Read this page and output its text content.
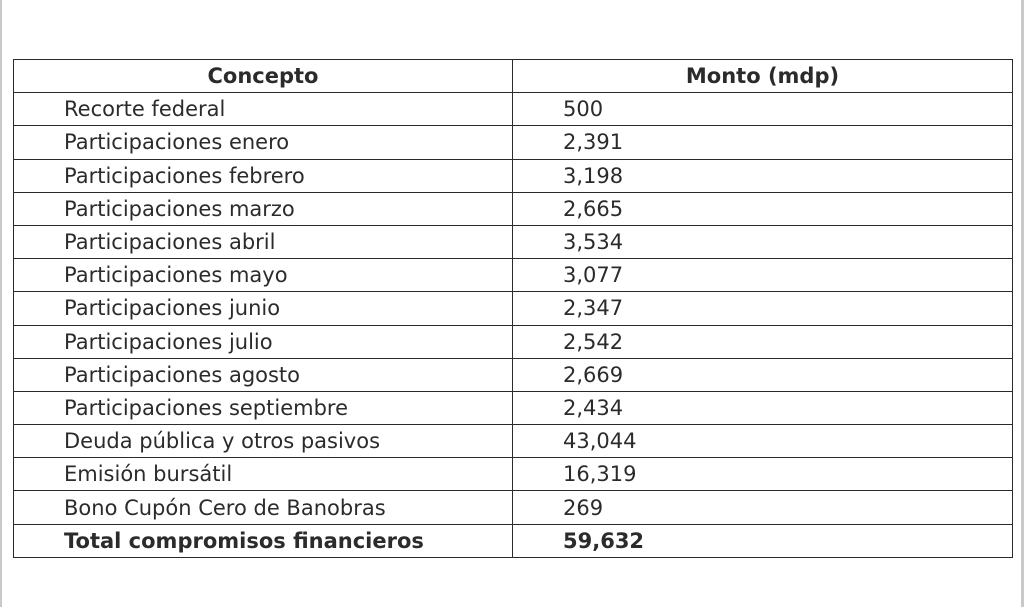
Concepto	Monto (mdp)
Recorte federal	500
Participaciones enero	2,391
Participaciones febrero	3,198
Participaciones marzo	2,665
Participaciones abril	3,534
Participaciones mayo	3,077
Participaciones junio	2,347
Participaciones julio	2,542
Participaciones agosto	2,669
Participaciones septiembre	2,434
Deuda pública y otros pasivos	43,044
Emisión bursátil	16,319
Bono Cupón Cero de Banobras	269
Total compromisos financieros	59,632
